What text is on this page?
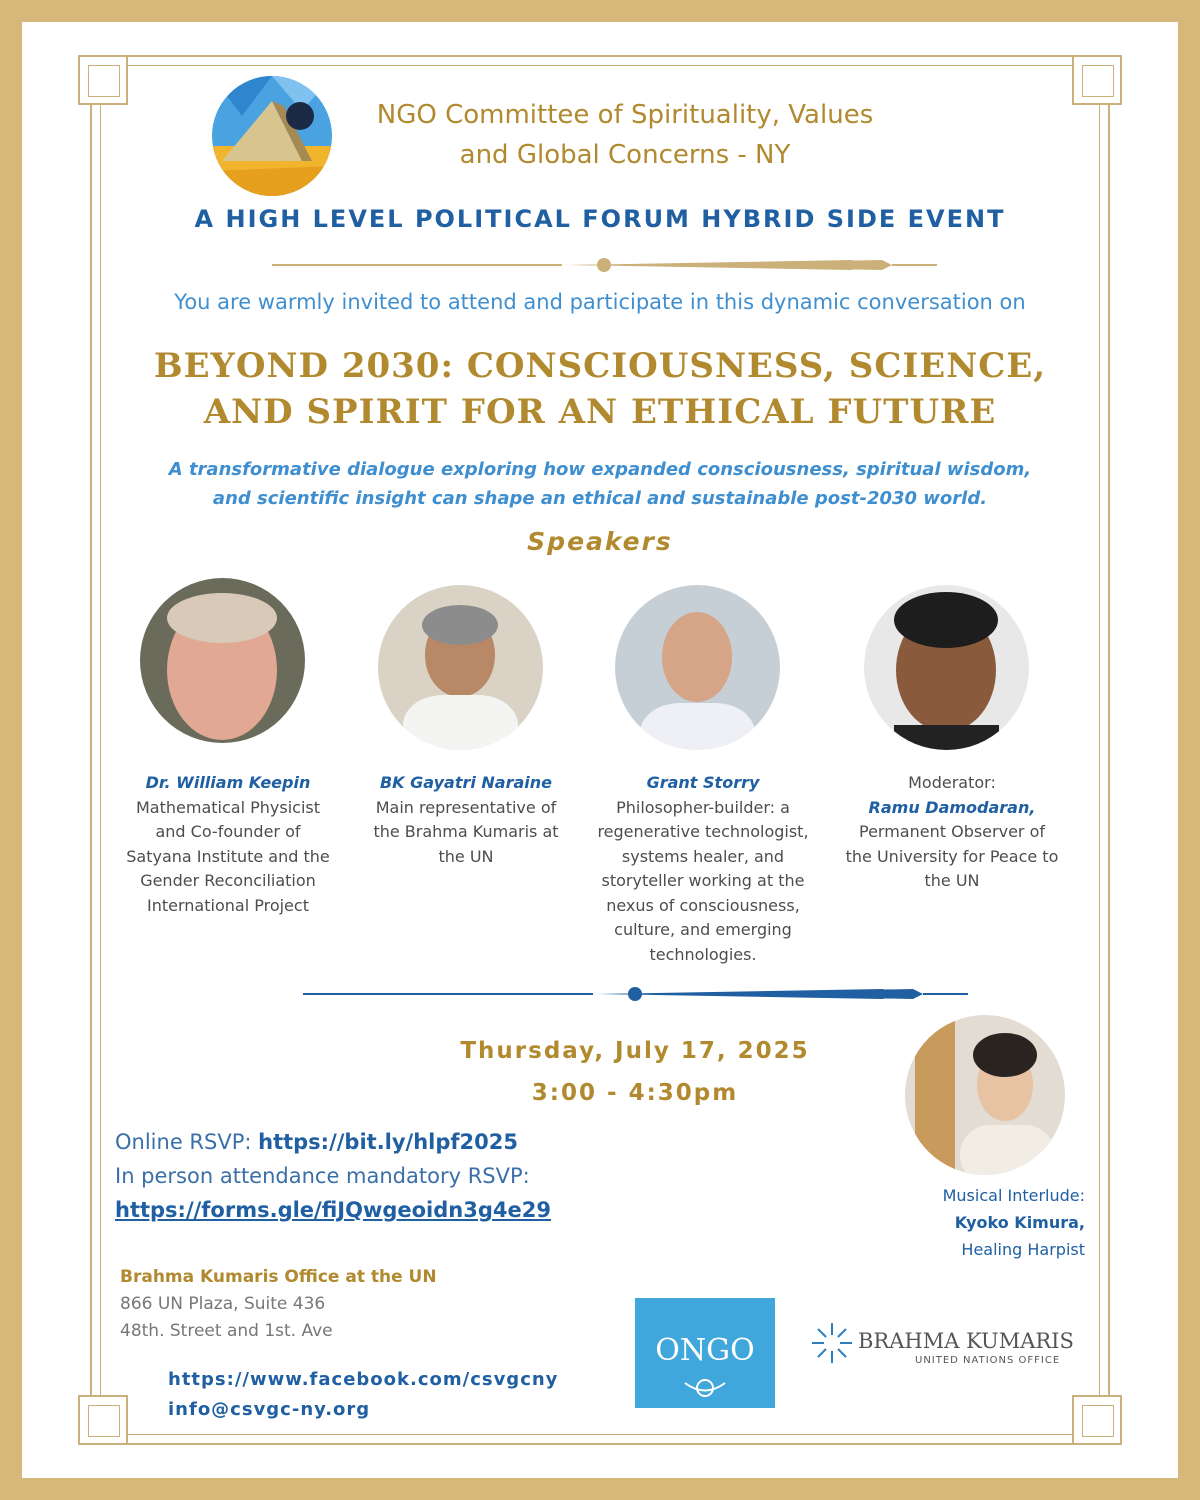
NGO Committee of Spirituality, Values
and Global Concerns - NY
A HIGH LEVEL POLITICAL FORUM HYBRID SIDE EVENT
You are warmly invited to attend and participate in this dynamic conversation on
BEYOND 2030: CONSCIOUSNESS, SCIENCE,
AND SPIRIT FOR AN ETHICAL FUTURE
A transformative dialogue exploring how expanded consciousness, spiritual wisdom,
and scientific insight can shape an ethical and sustainable post-2030 world.
Speakers
Dr. William Keepin
Mathematical Physicist
and Co-founder of
Satyana Institute and the
Gender Reconciliation
International Project
BK Gayatri Naraine
Main representative of
the Brahma Kumaris at
the UN
Grant Storry
Philosopher-builder: a
regenerative technologist,
systems healer, and
storyteller working at the
nexus of consciousness,
culture, and emerging
technologies.
Moderator:
Ramu Damodaran,
Permanent Observer of
the University for Peace to
the UN
Thursday, July 17, 2025
3:00 - 4:30pm
Online RSVP: https://bit.ly/hlpf2025
In person attendance mandatory RSVP:
https://forms.gle/fiJQwgeoidn3g4e29
Musical Interlude:
Kyoko Kimura,
Healing Harpist
Brahma Kumaris Office at the UN
866 UN Plaza, Suite 436
48th. Street and 1st. Ave
https://www.facebook.com/csvgcny
info@csvgc-ny.org
ONGO	BRAHMA KUMARIS
UNITED NATIONS OFFICE
